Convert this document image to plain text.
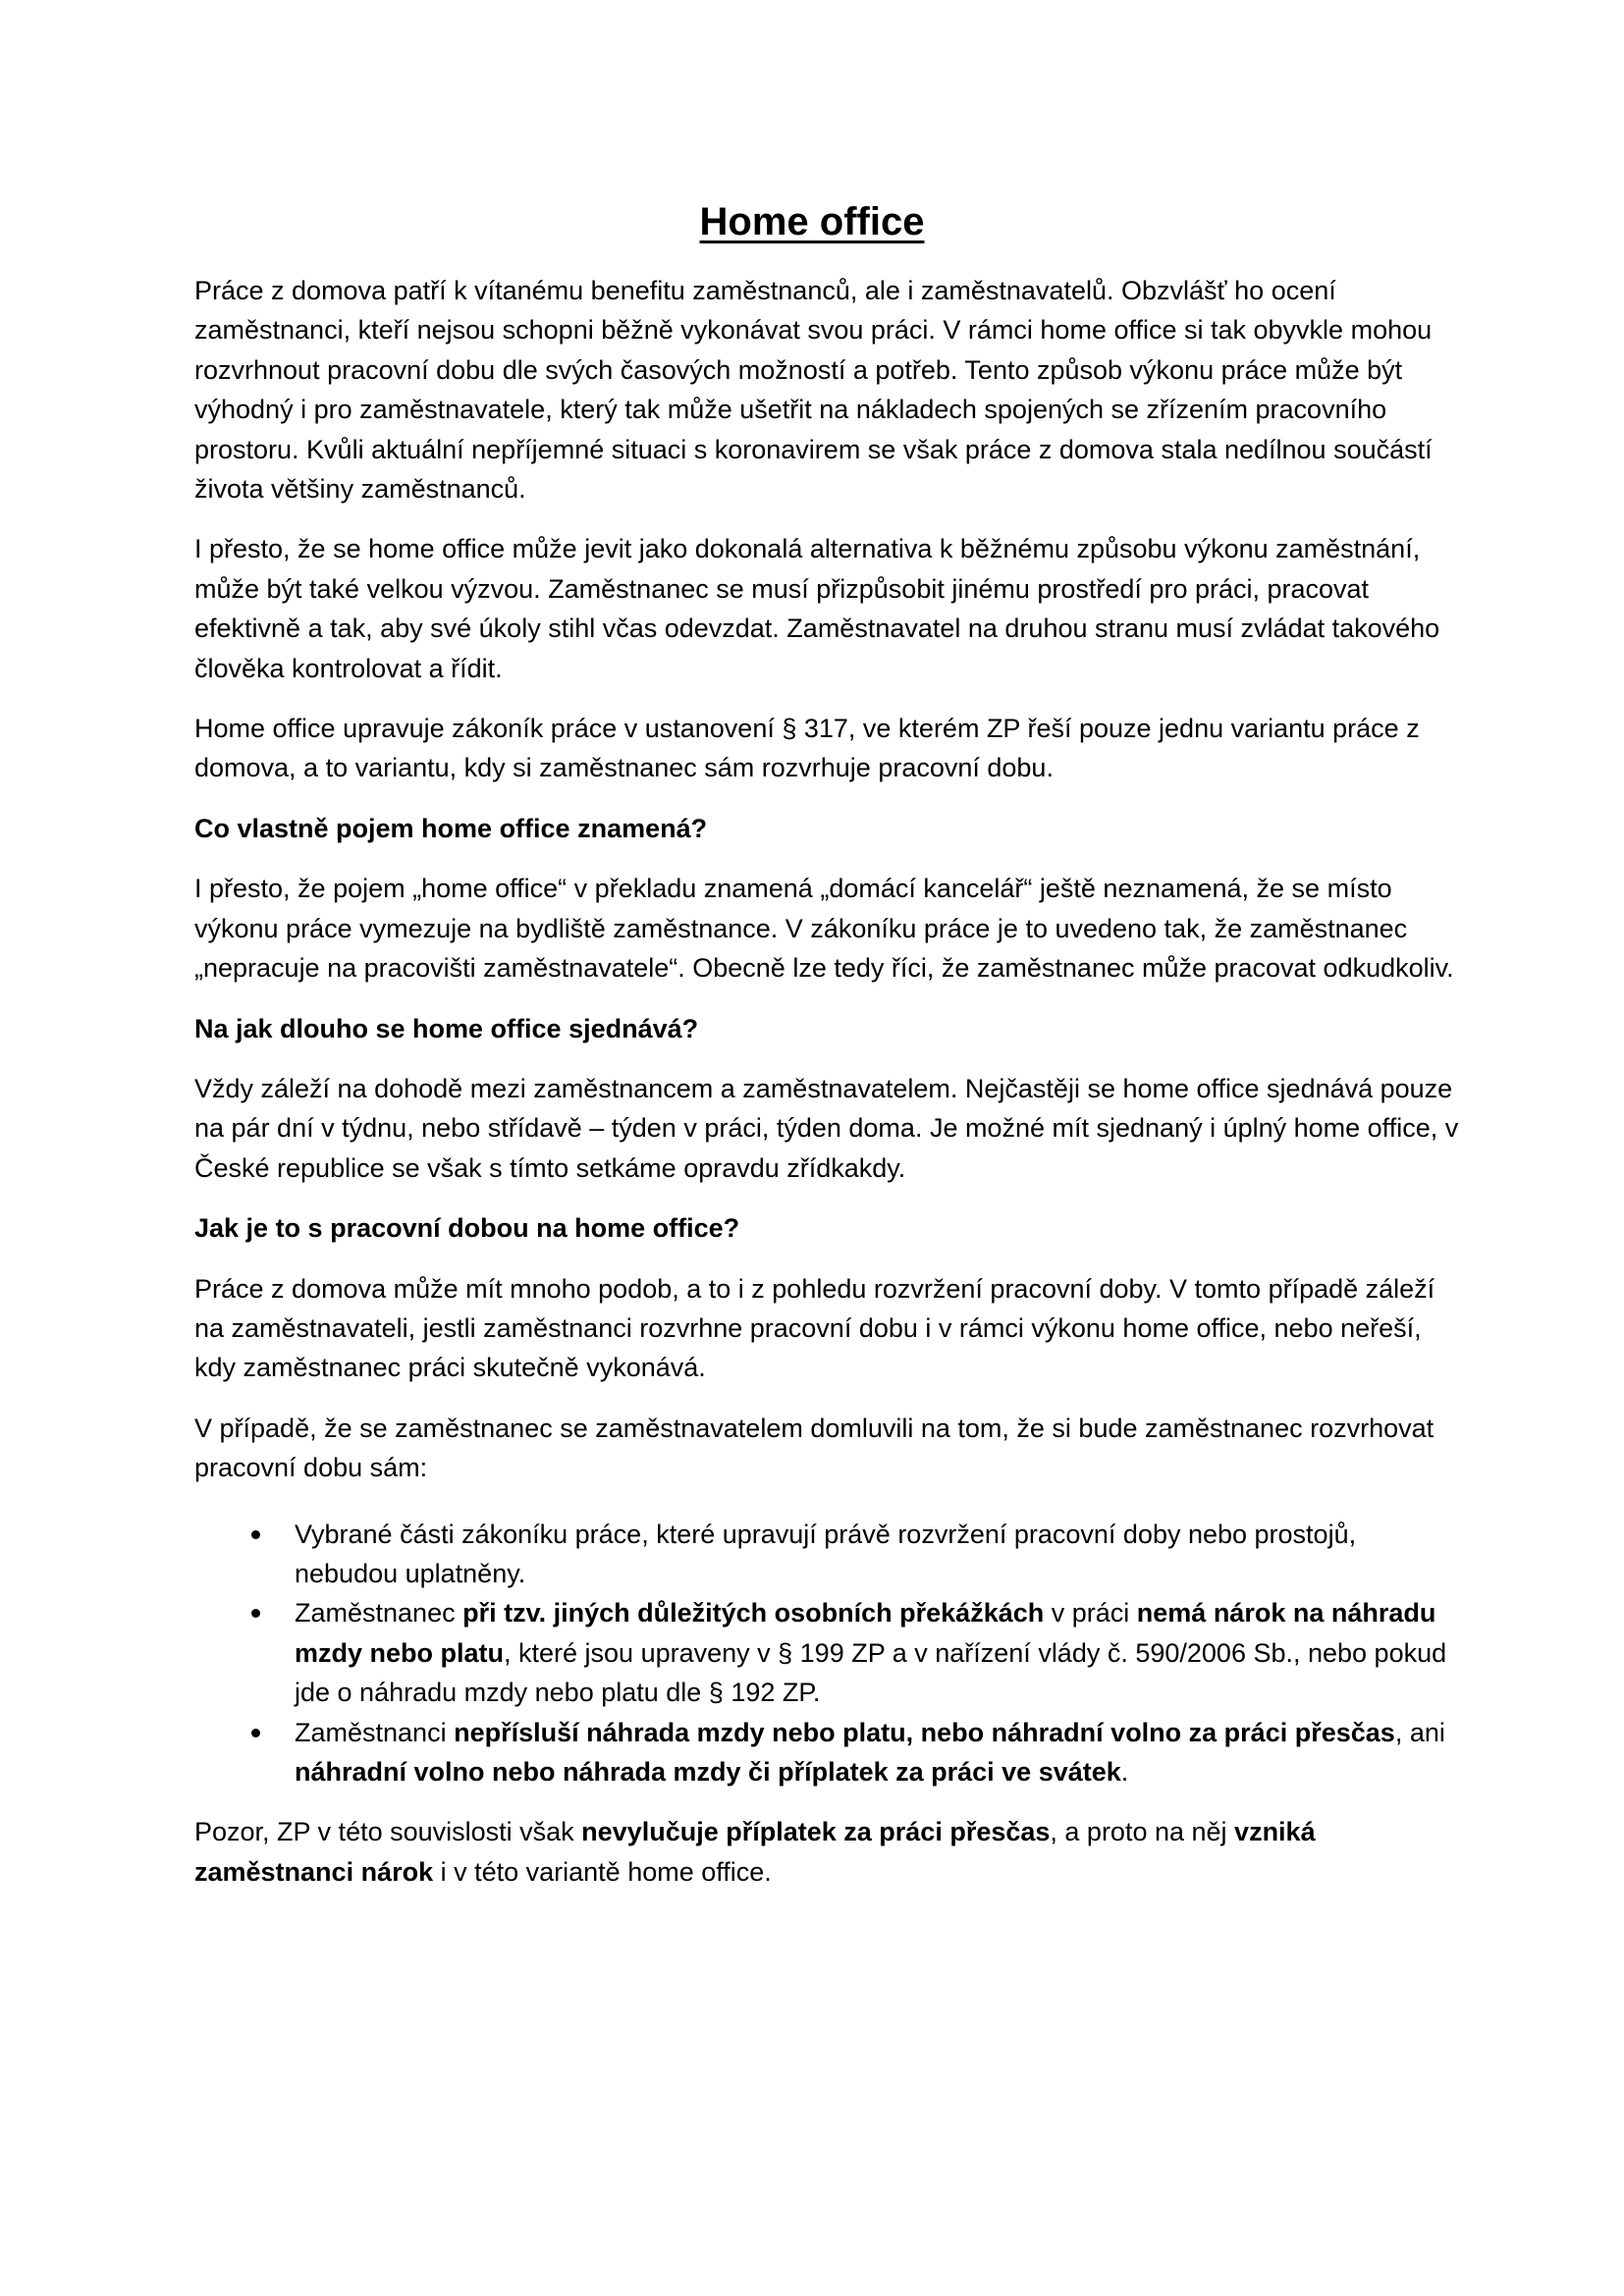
Home office

Práce z domova patří k vítanému benefitu zaměstnanců, ale i zaměstnavatelů. Obzvlášť ho ocení zaměstnanci, kteří nejsou schopni běžně vykonávat svou práci. V rámci home office si tak obyvkle mohou rozvrhnout pracovní dobu dle svých časových možností a potřeb. Tento způsob výkonu práce může být výhodný i pro zaměstnavatele, který tak může ušetřit na nákladech spojených se zřízením pracovního prostoru. Kvůli aktuální nepříjemné situaci s koronavirem se však práce z domova stala nedílnou součástí života většiny zaměstnanců.

I přesto, že se home office může jevit jako dokonalá alternativa k běžnému způsobu výkonu zaměstnání, může být také velkou výzvou. Zaměstnanec se musí přizpůsobit jinému prostředí pro práci, pracovat efektivně a tak, aby své úkoly stihl včas odevzdat. Zaměstnavatel na druhou stranu musí zvládat takového člověka kontrolovat a řídit.

Home office upravuje zákoník práce v ustanovení § 317, ve kterém ZP řeší pouze jednu variantu práce z domova, a to variantu, kdy si zaměstnanec sám rozvrhuje pracovní dobu.

Co vlastně pojem home office znamená?

I přesto, že pojem „home office“ v překladu znamená „domácí kancelář“ ještě neznamená, že se místo výkonu práce vymezuje na bydliště zaměstnance. V zákoníku práce je to uvedeno tak, že zaměstnanec „nepracuje na pracovišti zaměstnavatele“. Obecně lze tedy říci, že zaměstnanec může pracovat odkudkoliv.

Na jak dlouho se home office sjednává?

Vždy záleží na dohodě mezi zaměstnancem a zaměstnavatelem. Nejčastěji se home office sjednává pouze na pár dní v týdnu, nebo střídavě – týden v práci, týden doma. Je možné mít sjednaný i úplný home office, v České republice se však s tímto setkáme opravdu zřídkakdy.

Jak je to s pracovní dobou na home office?

Práce z domova může mít mnoho podob, a to i z pohledu rozvržení pracovní doby. V tomto případě záleží na zaměstnavateli, jestli zaměstnanci rozvrhne pracovní dobu i v rámci výkonu home office, nebo neřeší, kdy zaměstnanec práci skutečně vykonává.

V případě, že se zaměstnanec se zaměstnavatelem domluvili na tom, že si bude zaměstnanec rozvrhovat pracovní dobu sám:

Vybrané části zákoníku práce, které upravují právě rozvržení pracovní doby nebo prostojů, nebudou uplatněny.
Zaměstnanec při tzv. jiných důležitých osobních překážkách v práci nemá nárok na náhradu mzdy nebo platu, které jsou upraveny v § 199 ZP a v nařízení vlády č. 590/2006 Sb., nebo pokud jde o náhradu mzdy nebo platu dle § 192 ZP.
Zaměstnanci nepřísluší náhrada mzdy nebo platu, nebo náhradní volno za práci přesčas, ani náhradní volno nebo náhrada mzdy či příplatek za práci ve svátek.

Pozor, ZP v této souvislosti však nevylučuje příplatek za práci přesčas, a proto na něj vzniká zaměstnanci nárok i v této variantě home office.
